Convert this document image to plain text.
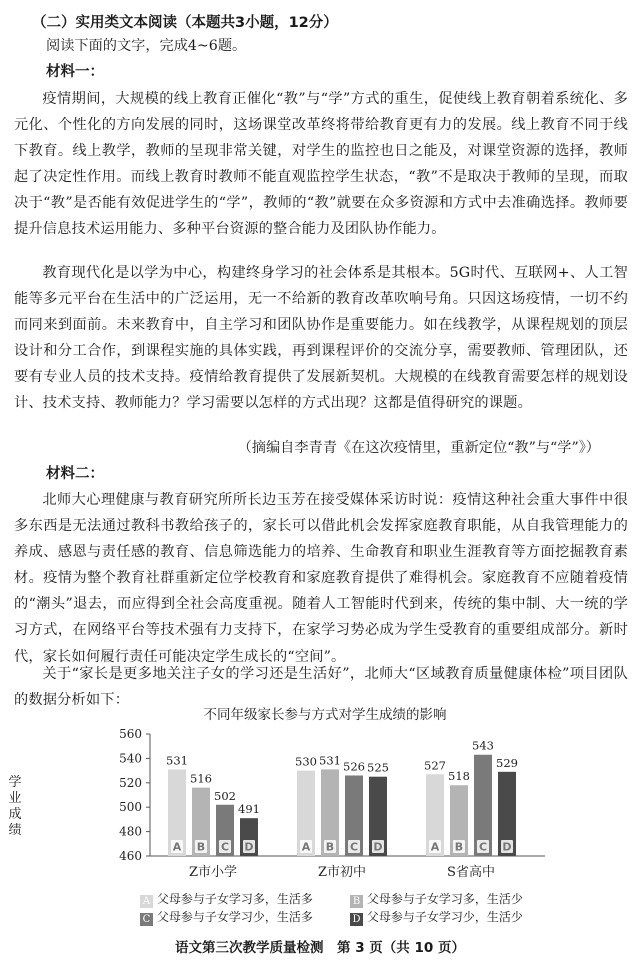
（二）实用类文本阅读（本题共3小题，12分）
阅读下面的文字，完成4~6题。
材料一：
疫情期间，大规模的线上教育正催化“教”与“学”方式的重生，促使线上教育朝着系统化、多元化、个性化的方向发展的同时，这场课堂改革终将带给教育更有力的发展。线上教育不同于线下教育。线上教学，教师的呈现非常关键，对学生的监控也日之能及，对课堂资源的选择，教师起了决定性作用。而线上教育时教师不能直观监控学生状态，“教”不是取决于教师的呈现，而取决于“教”是否能有效促进学生的“学”，教师的“教”就要在众多资源和方式中去准确选择。教师要提升信息技术运用能力、多种平台资源的整合能力及团队协作能力。
教育现代化是以学为中心，构建终身学习的社会体系是其根本。5G时代、互联网+、人工智能等多元平台在生活中的广泛运用，无一不给新的教育改革吹响号角。只因这场疫情，一切不约而同来到面前。未来教育中，自主学习和团队协作是重要能力。如在线教学，从课程规划的顶层设计和分工合作，到课程实施的具体实践，再到课程评价的交流分享，需要教师、管理团队，还要有专业人员的技术支持。疫情给教育提供了发展新契机。大规模的在线教育需要怎样的规划设计、技术支持、教师能力？学习需要以怎样的方式出现？这都是值得研究的课题。
（摘编自李青青《在这次疫情里，重新定位“教”与“学”》）
材料二：
北师大心理健康与教育研究所所长边玉芳在接受媒体采访时说：疫情这种社会重大事件中很多东西是无法通过教科书教给孩子的，家长可以借此机会发挥家庭教育职能，从自我管理能力的养成、感恩与责任感的教育、信息筛选能力的培养、生命教育和职业生涯教育等方面挖掘教育素材。疫情为整个教育社群重新定位学校教育和家庭教育提供了难得机会。家庭教育不应随着疫情的“潮头”退去，而应得到全社会高度重视。随着人工智能时代到来，传统的集中制、大一统的学习方式，在网络平台等技术强有力支持下，在家学习势必成为学生受教育的重要组成部分。新时代，家长如何履行责任可能决定学生成长的“空间”。
关于“家长是更多地关注子女的学习还是生活好”，北师大“区域教育质量健康体检”项目团队的数据分析如下：
学业成绩
不同年级家长参与方式对学生成绩的影响
460
480
500
520
540
560
531
A
516
B
502
C
491
D
Z市小学
530
A
531
B
526
C
525
D
Z市初中
527
A
518
B
543
C
529
D
S省高中
A 父母参与子女学习多，生活多	B 父母参与子女学习多，生活少
C 父母参与子女学习少，生活多	D 父母参与子女学习少，生活少
语文第三次教学质量检测　第 3 页（共 10 页）
